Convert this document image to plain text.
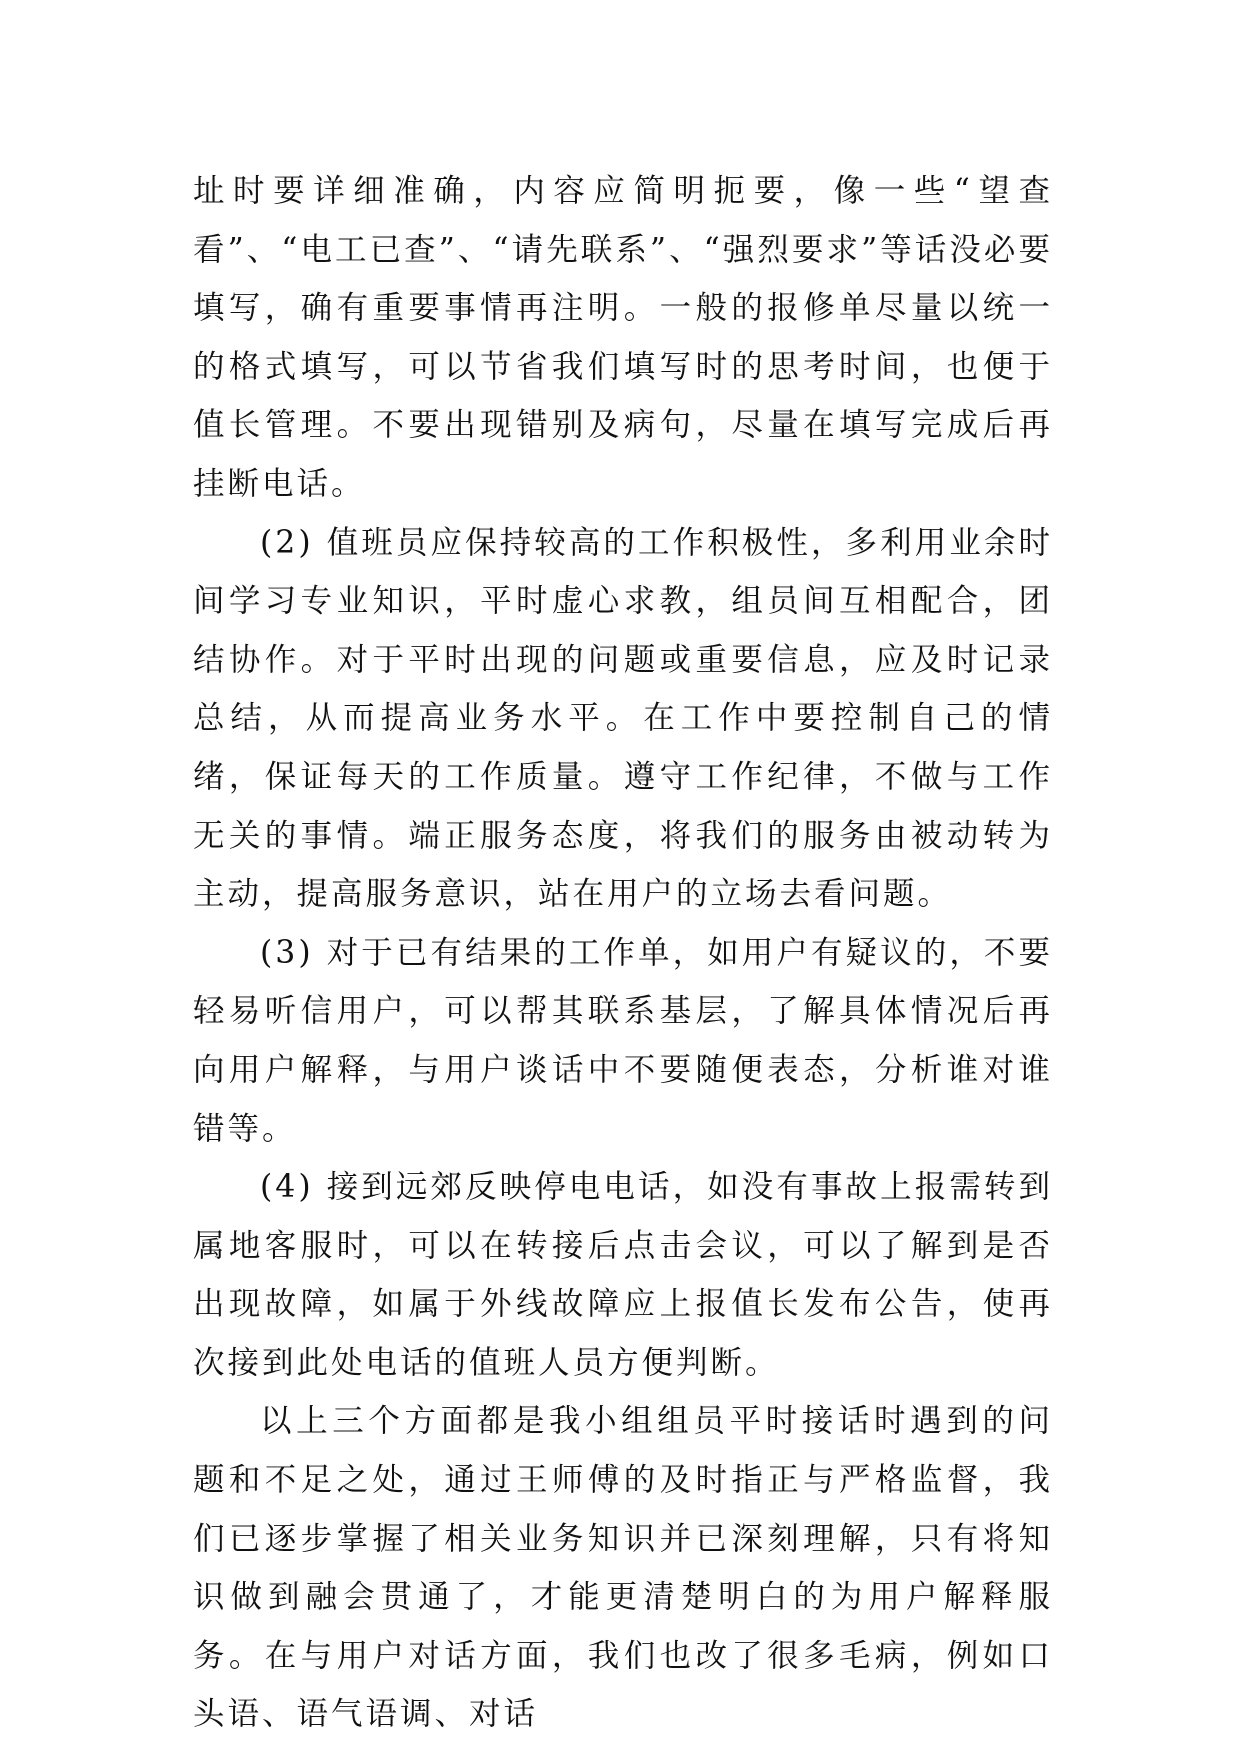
址时要详细准确，内容应简明扼要，像一些“望查看”、“电工已查”、“请先联系”、“强烈要求”等话没必要填写，确有重要事情再注明。一般的报修单尽量以统一的格式填写，可以节省我们填写时的思考时间，也便于值长管理。不要出现错别及病句，尽量在填写完成后再挂断电话。

(2) 值班员应保持较高的工作积极性，多利用业余时间学习专业知识，平时虚心求教，组员间互相配合，团结协作。对于平时出现的问题或重要信息，应及时记录总结，从而提高业务水平。在工作中要控制自己的情绪，保证每天的工作质量。遵守工作纪律，不做与工作无关的事情。端正服务态度，将我们的服务由被动转为主动，提高服务意识，站在用户的立场去看问题。

(3) 对于已有结果的工作单，如用户有疑议的，不要轻易听信用户，可以帮其联系基层，了解具体情况后再向用户解释，与用户谈话中不要随便表态，分析谁对谁错等。

(4) 接到远郊反映停电电话，如没有事故上报需转到属地客服时，可以在转接后点击会议，可以了解到是否出现故障，如属于外线故障应上报值长发布公告，使再次接到此处电话的值班人员方便判断。

以上三个方面都是我小组组员平时接话时遇到的问题和不足之处，通过王师傅的及时指正与严格监督，我们已逐步掌握了相关业务知识并已深刻理解，只有将知识做到融会贯通了，才能更清楚明白的为用户解释服务。在与用户对话方面，我们也改了很多毛病，例如口头语、语气语调、对话
